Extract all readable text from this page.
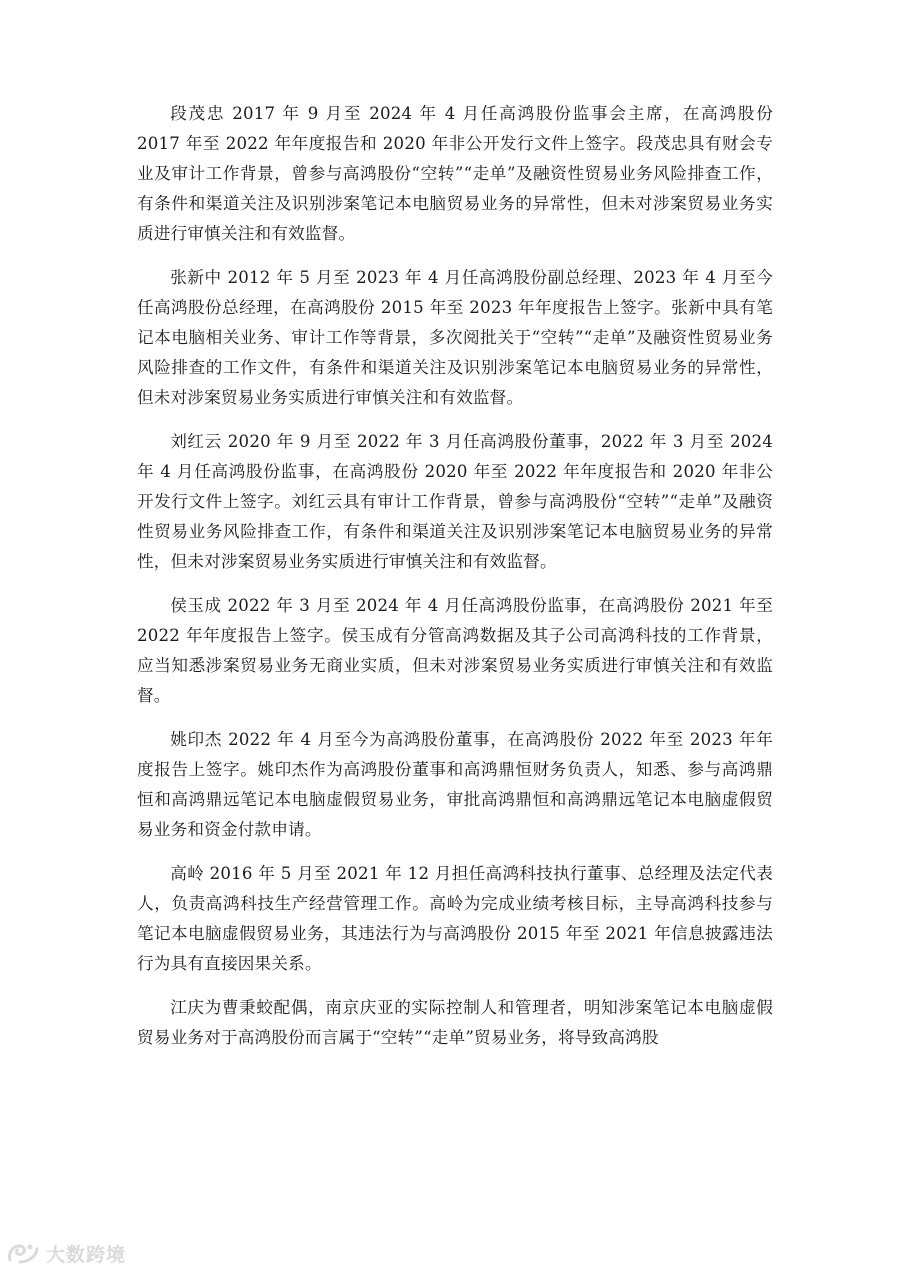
段茂忠 2017 年 9 月至 2024 年 4 月任高鸿股份监事会主席，在高鸿股份 2017 年至 2022 年年度报告和 2020 年非公开发行文件上签字。段茂忠具有财会专业及审计工作背景，曾参与高鸿股份“空转”“走单”及融资性贸易业务风险排查工作，有条件和渠道关注及识别涉案笔记本电脑贸易业务的异常性，但未对涉案贸易业务实质进行审慎关注和有效监督。

张新中 2012 年 5 月至 2023 年 4 月任高鸿股份副总经理、2023 年 4 月至今任高鸿股份总经理，在高鸿股份 2015 年至 2023 年年度报告上签字。张新中具有笔记本电脑相关业务、审计工作等背景，多次阅批关于“空转”“走单”及融资性贸易业务风险排查的工作文件，有条件和渠道关注及识别涉案笔记本电脑贸易业务的异常性，但未对涉案贸易业务实质进行审慎关注和有效监督。

刘红云 2020 年 9 月至 2022 年 3 月任高鸿股份董事，2022 年 3 月至 2024 年 4 月任高鸿股份监事，在高鸿股份 2020 年至 2022 年年度报告和 2020 年非公开发行文件上签字。刘红云具有审计工作背景，曾参与高鸿股份“空转”“走单”及融资性贸易业务风险排查工作，有条件和渠道关注及识别涉案笔记本电脑贸易业务的异常性，但未对涉案贸易业务实质进行审慎关注和有效监督。

侯玉成 2022 年 3 月至 2024 年 4 月任高鸿股份监事，在高鸿股份 2021 年至 2022 年年度报告上签字。侯玉成有分管高鸿数据及其子公司高鸿科技的工作背景，应当知悉涉案贸易业务无商业实质，但未对涉案贸易业务实质进行审慎关注和有效监督。

姚印杰 2022 年 4 月至今为高鸿股份董事，在高鸿股份 2022 年至 2023 年年度报告上签字。姚印杰作为高鸿股份董事和高鸿鼎恒财务负责人，知悉、参与高鸿鼎恒和高鸿鼎远笔记本电脑虚假贸易业务，审批高鸿鼎恒和高鸿鼎远笔记本电脑虚假贸易业务和资金付款申请。

高岭 2016 年 5 月至 2021 年 12 月担任高鸿科技执行董事、总经理及法定代表人，负责高鸿科技生产经营管理工作。高岭为完成业绩考核目标，主导高鸿科技参与笔记本电脑虚假贸易业务，其违法行为与高鸿股份 2015 年至 2021 年信息披露违法行为具有直接因果关系。

江庆为曹秉蛟配偶，南京庆亚的实际控制人和管理者，明知涉案笔记本电脑虚假贸易业务对于高鸿股份而言属于“空转”“走单”贸易业务，将导致高鸿股

大数跨境
